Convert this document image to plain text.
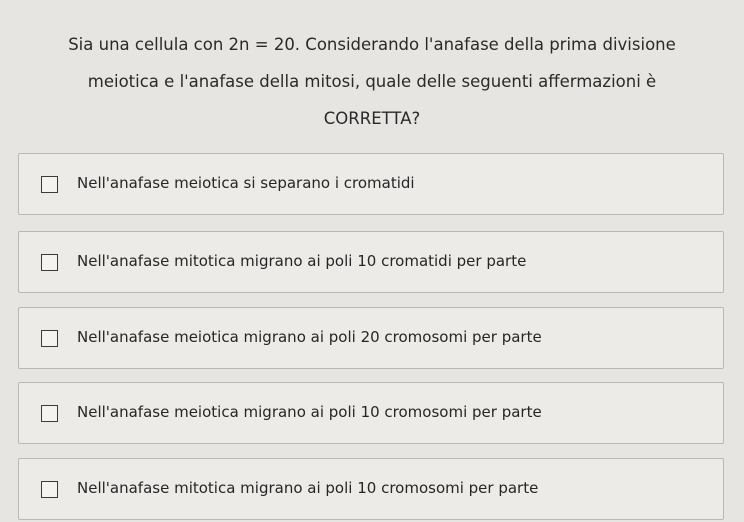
Sia una cellula con 2n = 20. Considerando l'anafase della prima divisione
meiotica e l'anafase della mitosi, quale delle seguenti affermazioni è
CORRETTA?
Nell'anafase meiotica si separano i cromatidi
Nell'anafase mitotica migrano ai poli 10 cromatidi per parte
Nell'anafase meiotica migrano ai poli 20 cromosomi per parte
Nell'anafase meiotica migrano ai poli 10 cromosomi per parte
Nell'anafase mitotica migrano ai poli 10 cromosomi per parte
